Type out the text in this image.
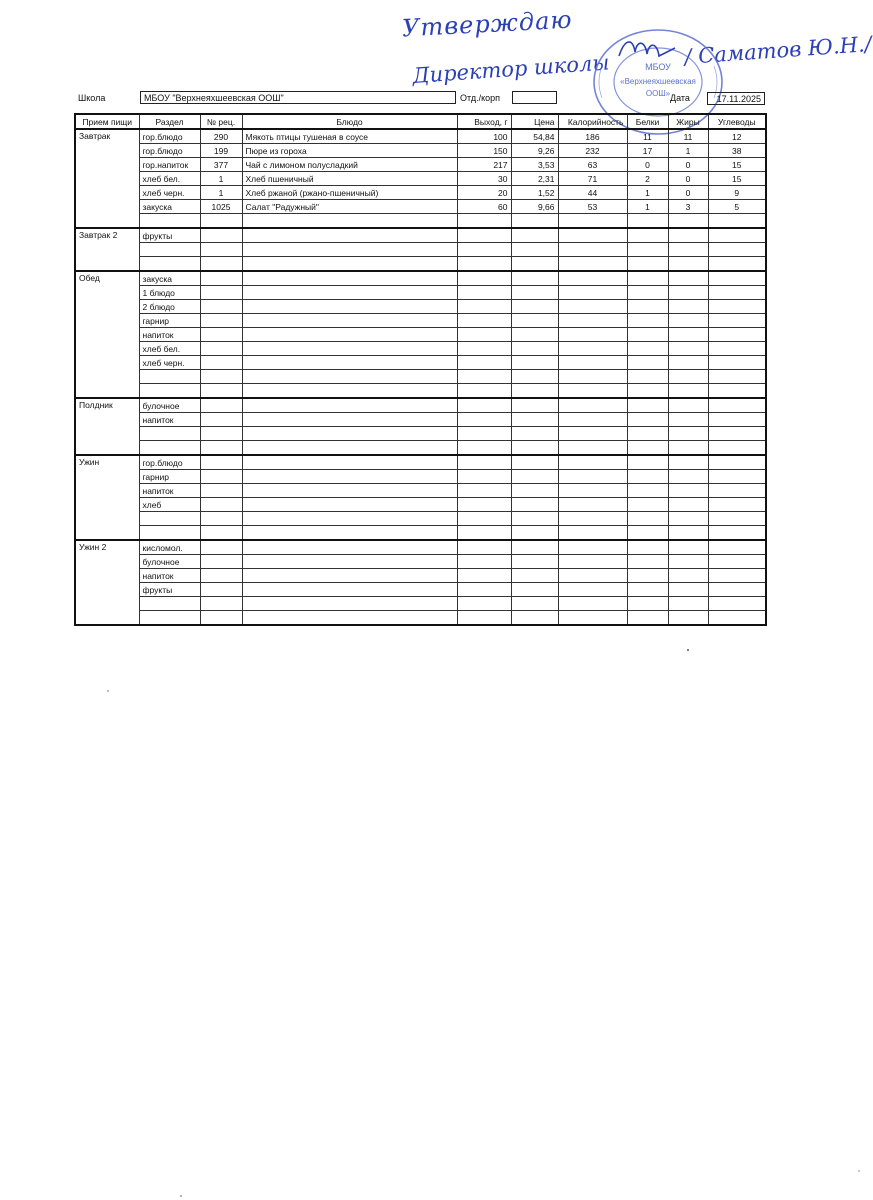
Утверждаю
Директор школы	/ Саматов Ю.Н./
МБОУ
«Верхнеяхшеевская
ООШ»
Школа	МБОУ "Верхнеяхшеевская ООШ"	Отд./корп	Дата	17.11.2025
Прием пищи	Раздел	№ рец.	Блюдо	Выход, г	Цена	Калорийность	Белки	Жиры	Углеводы
Завтрак	гор.блюдо	290	Мякоть птицы тушеная в соусе	100	54,84	186	11	11	12
	гор.блюдо	199	Пюре из гороха	150	9,26	232	17	1	38
	гор.напиток	377	Чай с лимоном полусладкий	217	3,53	63	0	0	15
	хлеб бел.	1	Хлеб пшеничный	30	2,31	71	2	0	15
	хлеб черн.	1	Хлеб ржаной (ржано-пшеничный)	20	1,52	44	1	0	9
	закуска	1025	Салат "Радужный"	60	9,66	53	1	3	5

Завтрак 2	фрукты								

Обед	закуска								
	1 блюдо								
	2 блюдо								
	гарнир								
	напиток								
	хлеб бел.								
	хлеб черн.								

Полдник	булочное								
	напиток								

Ужин	гор.блюдо								
	гарнир								
	напиток								
	хлеб								

Ужин 2	кисломол.								
	булочное								
	напиток								
	фрукты								
